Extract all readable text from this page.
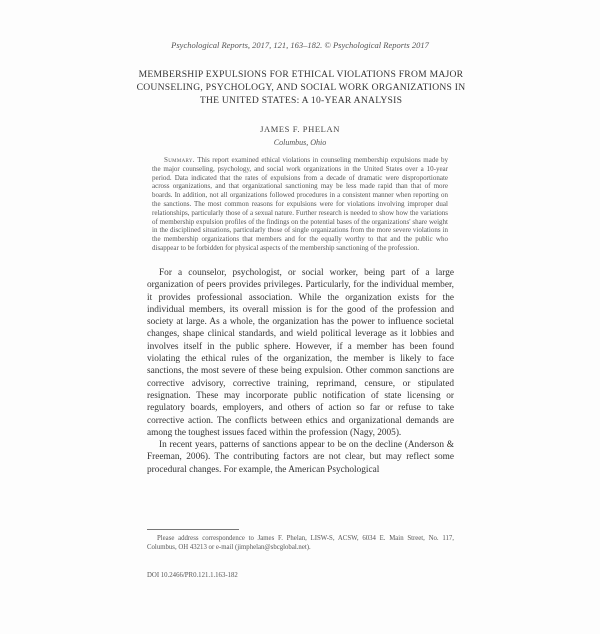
Psychological Reports, 2017, 121, 163–182. © Psychological Reports 2017
MEMBERSHIP EXPULSIONS FOR ETHICAL VIOLATIONS FROM MAJOR COUNSELING, PSYCHOLOGY, AND SOCIAL WORK ORGANIZATIONS IN THE UNITED STATES: A 10-YEAR ANALYSIS
JAMES F. PHELAN
Columbus, Ohio
Summary. This report examined ethical violations in counseling membership expulsions made by the major counseling, psychology, and social work organizations in the United States over a 10-year period. Data indicated that the rates of expulsions from a decade of dramatic were disproportionate across organizations, and that organizational sanctioning may be less made rapid than that of more boards. In addition, not all organizations followed procedures in a consistent manner when reporting on the sanctions. The most common reasons for expulsions were for violations involving improper dual relationships, particularly those of a sexual nature. Further research is needed to show how the variations of membership expulsion profiles of the findings on the potential bases of the organizations' share weight in the disciplined situations, particularly those of single organizations from the more severe violations in the membership organizations that members and for the equally worthy to that and the public who disappear to be forbidden for physical aspects of the membership sanctioning of the profession.

For a counselor, psychologist, or social worker, being part of a large organization of peers provides privileges. Particularly, for the individual member, it provides professional association. While the organization exists for the individual members, its overall mission is for the good of the profession and society at large. As a whole, the organization has the power to influence societal changes, shape clinical standards, and wield political leverage as it lobbies and involves itself in the public sphere. However, if a member has been found violating the ethical rules of the organization, the member is likely to face sanctions, the most severe of these being expulsion. Other common sanctions are corrective advisory, corrective training, reprimand, censure, or stipulated resignation. These may incorporate public notification of state licensing or regulatory boards, employers, and others of action so far or refuse to take corrective action. The conflicts between ethics and organizational demands are among the toughest issues faced within the profession (Nagy, 2005).

In recent years, patterns of sanctions appear to be on the decline (Anderson & Freeman, 2006). The contributing factors are not clear, but may reflect some procedural changes. For example, the American Psychological

Please address correspondence to James F. Phelan, LISW-S, ACSW, 6034 E. Main Street, No. 117, Columbus, OH 43213 or e-mail (jimphelan@sbcglobal.net).
DOI 10.2466/PR0.121.1.163-182
